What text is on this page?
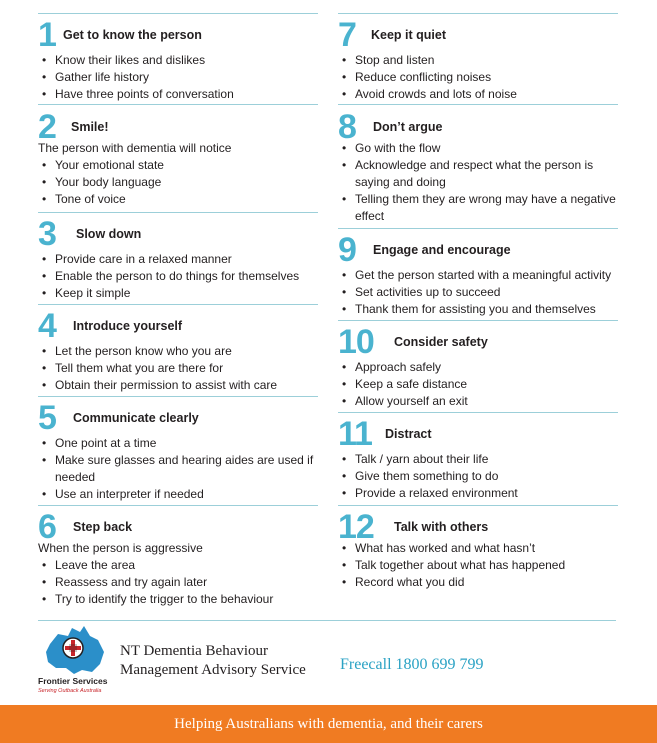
1 Get to know the person
• Know their likes and dislikes
• Gather life history
• Have three points of conversation
2 Smile!

The person with dementia will notice

• Your emotional state
• Your body language
• Tone of voice
3 Slow down
• Provide care in a relaxed manner
• Enable the person to do things for themselves
• Keep it simple
4 Introduce yourself
• Let the person know who you are
• Tell them what you are there for
• Obtain their permission to assist with care
5 Communicate clearly
• One point at a time
• Make sure glasses and hearing aides are used if needed
• Use an interpreter if needed
6 Step back

When the person is aggressive

• Leave the area
• Reassess and try again later
• Try to identify the trigger to the behaviour
7 Keep it quiet
• Stop and listen
• Reduce conflicting noises
• Avoid crowds and lots of noise
8 Don’t argue
• Go with the flow
• Acknowledge and respect what the person is saying and doing
• Telling them they are wrong may have a negative effect
9 Engage and encourage
• Get the person started with a meaningful activity
• Set activities up to succeed
• Thank them for assisting you and themselves
10 Consider safety
• Approach safely
• Keep a safe distance
• Allow yourself an exit
11 Distract
• Talk / yarn about their life
• Give them something to do
• Provide a relaxed environment
12 Talk with others
• What has worked and what hasn’t
• Talk together about what has happened
• Record what you did
Frontier Services
Serving Outback Australia
NT Dementia Behaviour
Management Advisory Service Freecall 1800 699 799
Helping Australians with dementia, and their carers
